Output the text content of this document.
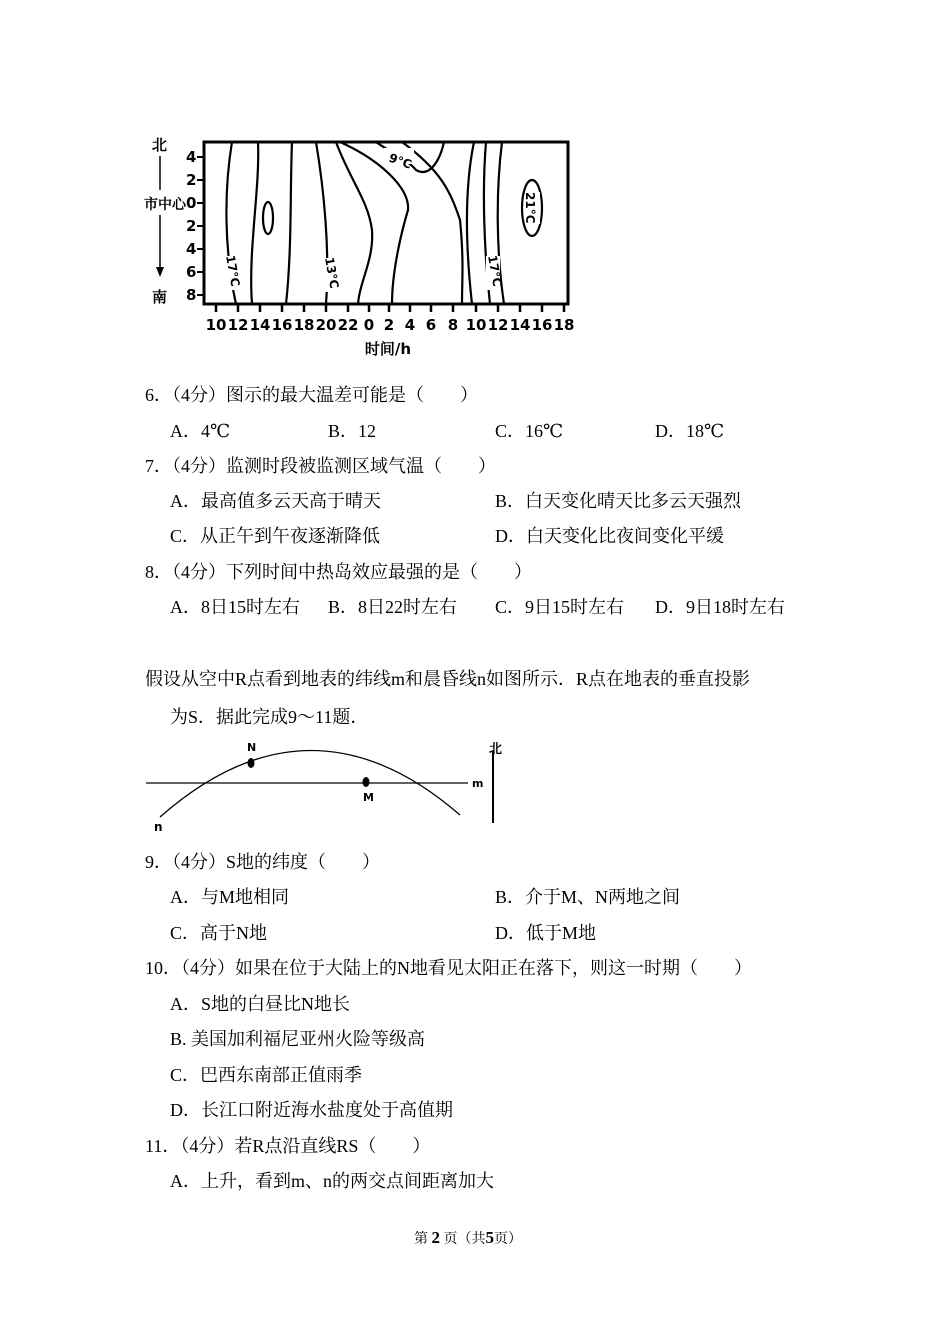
北
市中心
南
4
2
0
2
4
6
8
9°C
21°C
17°C	13°C	17°C
10 12 14 16 18 20 22 0 2 4 6 8 10 12 14 16 18
时间/h
6．（4分）图示的最大温差可能是（　　）
A．4℃	B．12	C．16℃	D．18℃
7．（4分）监测时段被监测区域气温（　　）
A．最高值多云天高于晴天	B．白天变化晴天比多云天强烈
C．从正午到午夜逐渐降低	D．白天变化比夜间变化平缓
8．（4分）下列时间中热岛效应最强的是（　　）
A．8日15时左右 B．8日22时左右 C．9日15时左右 D．9日18时左右
假设从空中R点看到地表的纬线m和晨昏线n如图所示．R点在地表的垂直投影
为S．据此完成9～11题．
N
M
m
n
北
9．（4分）S地的纬度（　　）
A．与M地相同	B．介于M、N两地之间
C．高于N地	D．低于M地
10．（4分）如果在位于大陆上的N地看见太阳正在落下，则这一时期（　　）
A．S地的白昼比N地长
B. 美国加利福尼亚州火险等级高
C．巴西东南部正值雨季
D．长江口附近海水盐度处于高值期
11．（4分）若R点沿直线RS（　　）
A．上升，看到m、n的两交点间距离加大
第 2 页（共5页）
